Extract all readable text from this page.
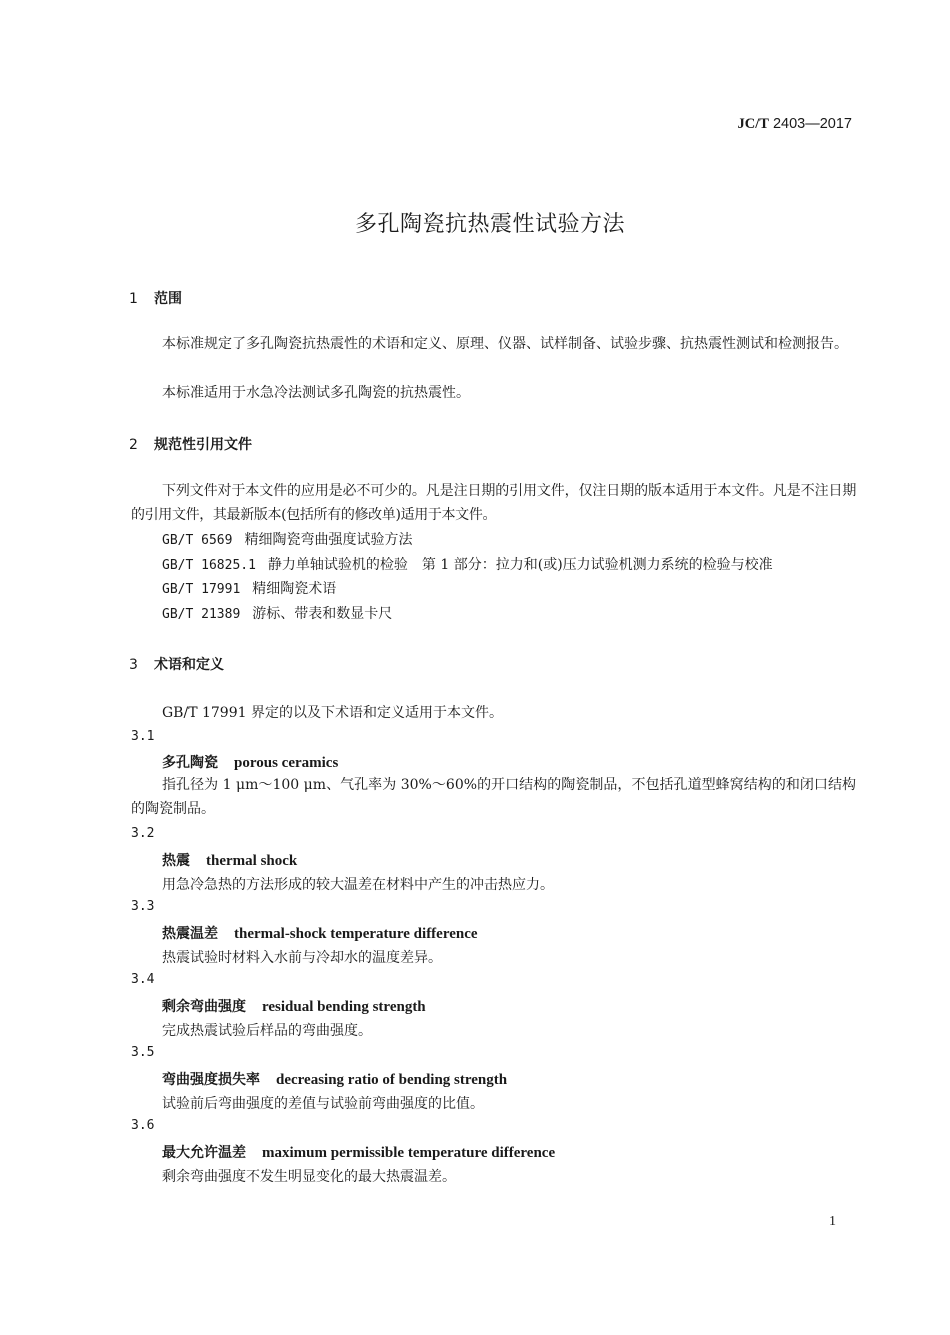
JC/T 2403—2017
多孔陶瓷抗热震性试验方法
1 范围
本标准规定了多孔陶瓷抗热震性的术语和定义、原理、仪器、试样制备、试验步骤、抗热震性测试和检测报告。
本标准适用于水急冷法测试多孔陶瓷的抗热震性。
2 规范性引用文件
下列文件对于本文件的应用是必不可少的。凡是注日期的引用文件，仅注日期的版本适用于本文件。凡是不注日期的引用文件，其最新版本(包括所有的修改单)适用于本文件。
GB/T 6569 精细陶瓷弯曲强度试验方法
GB/T 16825.1 静力单轴试验机的检验　第 1 部分：拉力和(或)压力试验机测力系统的检验与校准
GB/T 17991 精细陶瓷术语
GB/T 21389 游标、带表和数显卡尺
3 术语和定义
GB/T 17991 界定的以及下术语和定义适用于本文件。
3.1
多孔陶瓷 porous ceramics
指孔径为 1 μm～100 μm、气孔率为 30%～60%的开口结构的陶瓷制品，不包括孔道型蜂窝结构的和闭口结构的陶瓷制品。
3.2
热震 thermal shock
用急冷急热的方法形成的较大温差在材料中产生的冲击热应力。
3.3
热震温差 thermal-shock temperature difference
热震试验时材料入水前与冷却水的温度差异。
3.4
剩余弯曲强度 residual bending strength
完成热震试验后样品的弯曲强度。
3.5
弯曲强度损失率 decreasing ratio of bending strength
试验前后弯曲强度的差值与试验前弯曲强度的比值。
3.6
最大允许温差 maximum permissible temperature difference
剩余弯曲强度不发生明显变化的最大热震温差。
1
